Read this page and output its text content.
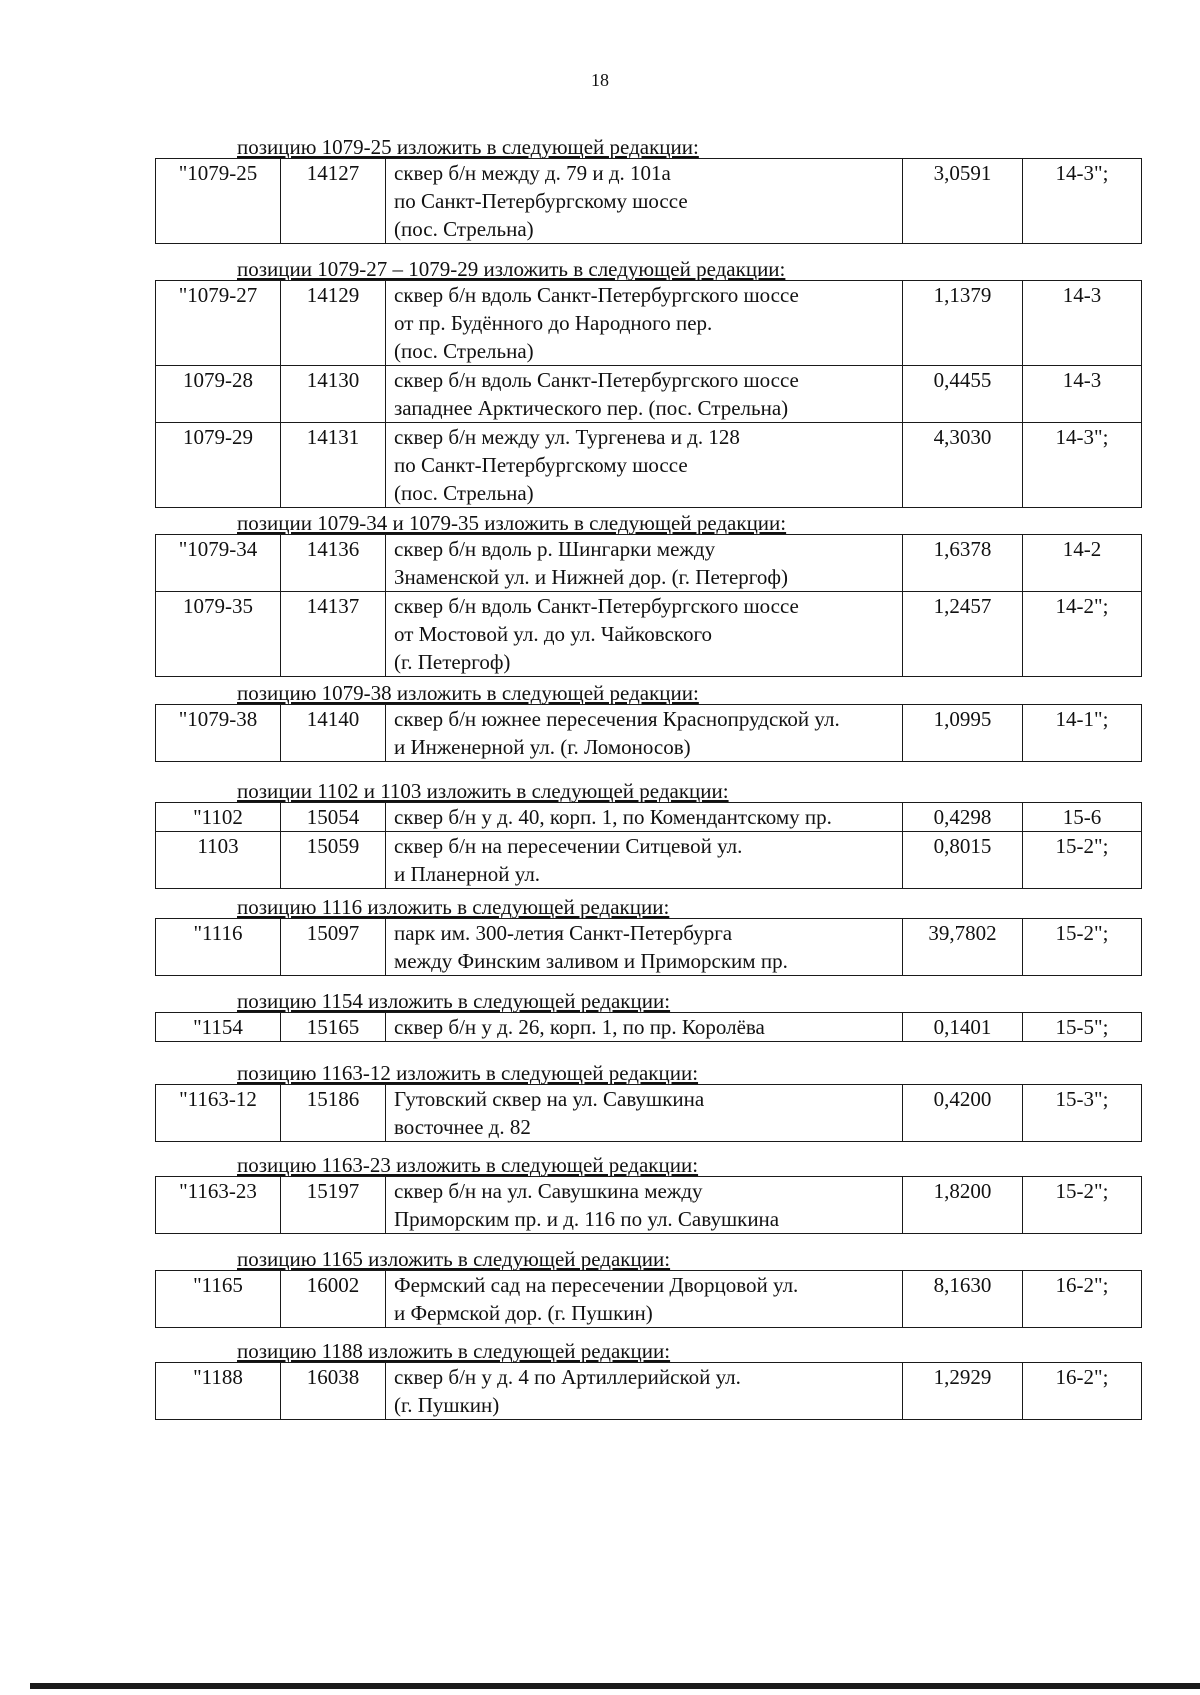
18
позицию 1079-25 изложить в следующей редакции:
"1079-25	14127	сквер б/н между д. 79 и д. 101а
по Санкт-Петербургскому шоссе
(пос. Стрельна)
	3,0591	14-3";
позиции 1079-27 – 1079-29 изложить в следующей редакции:
"1079-27	14129	сквер б/н вдоль Санкт-Петербургского шоссе
от пр. Будённого до Народного пер.
(пос. Стрельна)	1,1379	14-3
1079-28	14130	сквер б/н вдоль Санкт-Петербургского шоссе
западнее Арктического пер. (пос. Стрельна)	0,4455	14-3
1079-29	14131	сквер б/н между ул. Тургенева и д. 128
по Санкт-Петербургскому шоссе
(пос. Стрельна)	4,3030	14-3";
позиции 1079-34 и 1079-35 изложить в следующей редакции:
"1079-34	14136	сквер б/н вдоль р. Шингарки между
Знаменской ул. и Нижней дор. (г. Петергоф)	1,6378	14-2
1079-35	14137	сквер б/н вдоль Санкт-Петербургского шоссе
от Мостовой ул. до ул. Чайковского
(г. Петергоф)	1,2457	14-2";
позицию 1079-38 изложить в следующей редакции:
"1079-38	14140	сквер б/н южнее пересечения Краснопрудской ул.
и Инженерной ул. (г. Ломоносов)
	1,0995	14-1";
позиции 1102 и 1103 изложить в следующей редакции:
"1102	15054	сквер б/н у д. 40, корп. 1, по Комендантскому пр.	0,4298	15-6
1103	15059	сквер б/н на пересечении Ситцевой ул.
и Планерной ул.	0,8015	15-2";
позицию 1116 изложить в следующей редакции:
"1116	15097	парк им. 300-летия Санкт-Петербурга
между Финским заливом и Приморским пр.
	39,7802	15-2";
позицию 1154 изложить в следующей редакции:
"1154	15165	сквер б/н у д. 26, корп. 1, по пр. Королёва	0,1401	15-5";
позицию 1163-12 изложить в следующей редакции:
"1163-12	15186	Гутовский сквер на ул. Савушкина
восточнее д. 82
	0,4200	15-3";
позицию 1163-23 изложить в следующей редакции:
"1163-23	15197	сквер б/н на ул. Савушкина между
Приморским пр. и д. 116 по ул. Савушкина
	1,8200	15-2";
позицию 1165 изложить в следующей редакции:
"1165	16002	Фермский сад на пересечении Дворцовой ул.
и Фермской дор. (г. Пушкин)
	8,1630	16-2";
позицию 1188 изложить в следующей редакции:
"1188	16038	сквер б/н у д. 4 по Артиллерийской ул.
(г. Пушкин)
	1,2929	16-2";
